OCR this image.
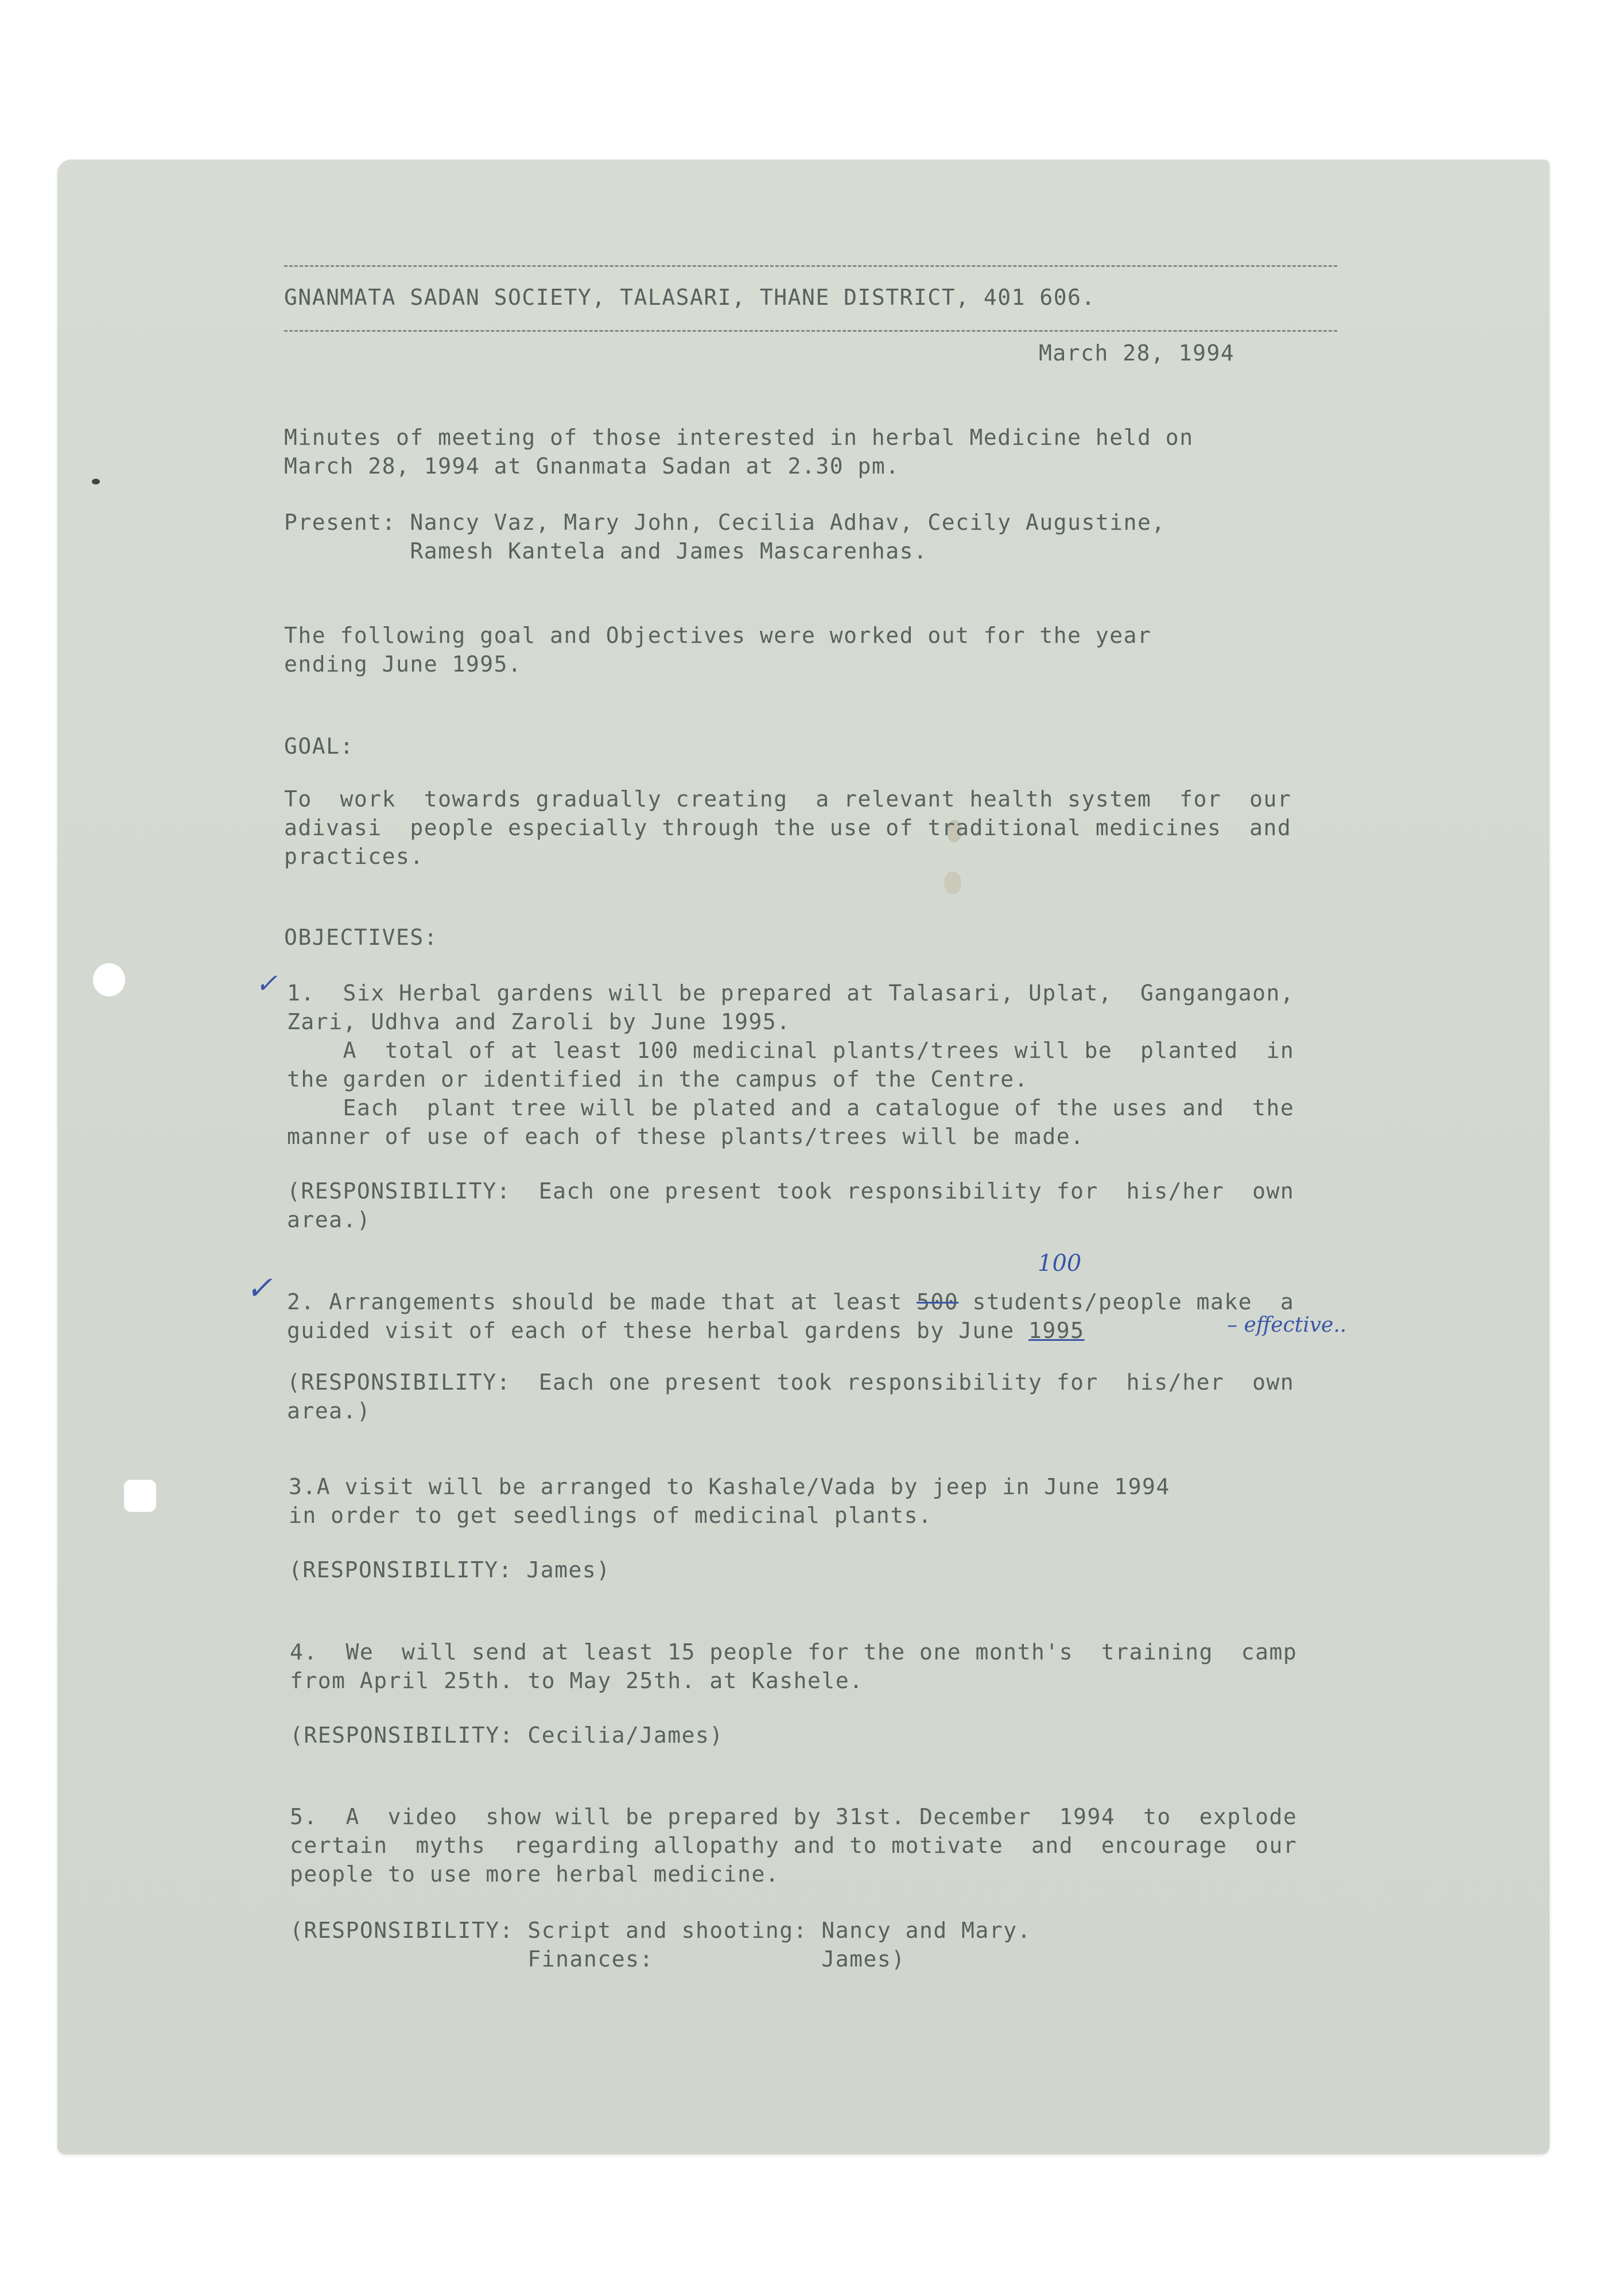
GNANMATA SADAN SOCIETY, TALASARI, THANE DISTRICT, 401 606.

March 28, 1994

Minutes of meeting of those interested in herbal Medicine held on

March 28, 1994 at Gnanmata Sadan at 2.30 pm.

Present: Nancy Vaz, Mary John, Cecilia Adhav, Cecily Augustine,

Ramesh Kantela and James Mascarenhas.

The following goal and Objectives were worked out for the year

ending June 1995.

GOAL:

To  work  towards gradually creating  a relevant health system  for  our

adivasi  people especially through the use of traditional medicines  and

practices.

OBJECTIVES:

✓ 1.  Six Herbal gardens will be prepared at Talasari, Uplat,  Gangangaon,

Zari, Udhva and Zaroli by June 1995.

A  total of at least 100 medicinal plants/trees will be  planted  in

the garden or identified in the campus of the Centre.

Each  plant tree will be plated and a catalogue of the uses and  the

manner of use of each of these plants/trees will be made.

(RESPONSIBILITY:  Each one present took responsibility for  his/her  own

area.)

✓
100

2. Arrangements should be made that at least 500 students/people make  a

guided visit of each of these herbal gardens by June 1995	– effective..

(RESPONSIBILITY:  Each one present took responsibility for  his/her  own

area.)

3.A visit will be arranged to Kashale/Vada by jeep in June 1994

in order to get seedlings of medicinal plants.

(RESPONSIBILITY: James)

4.  We  will send at least 15 people for the one month's  training  camp

from April 25th. to May 25th. at Kashele.

(RESPONSIBILITY: Cecilia/James)

5.  A  video  show will be prepared by 31st. December  1994  to  explode

certain  myths  regarding allopathy and to motivate  and  encourage  our

people to use more herbal medicine.

(RESPONSIBILITY: Script and shooting: Nancy and Mary.

Finances:            James)
